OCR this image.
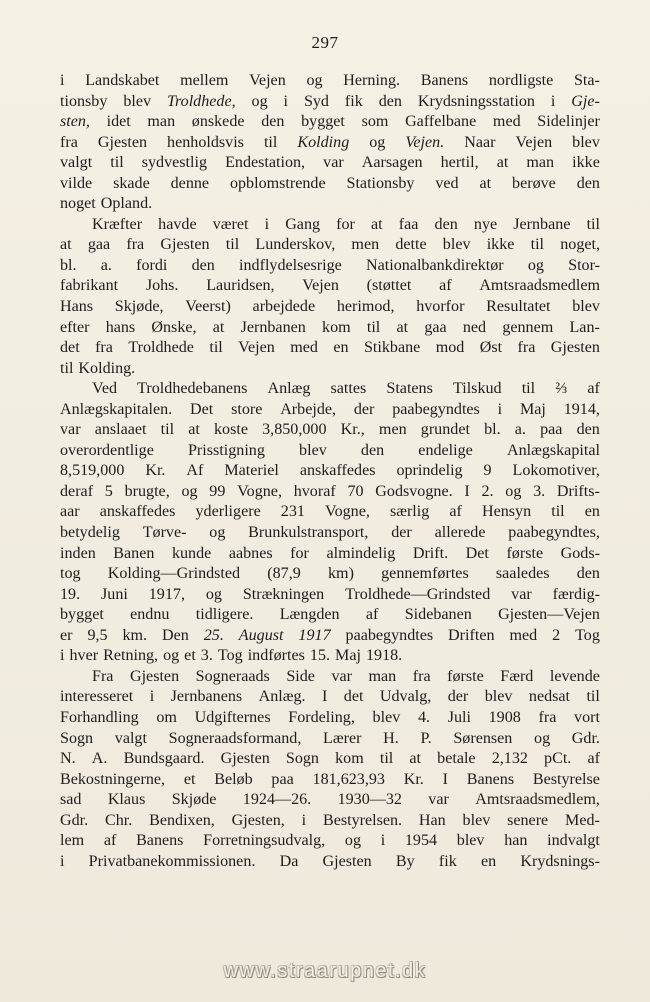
297
i Landskabet mellem Vejen og Herning. Banens nordligste Sta-
tionsby blev Troldhede, og i Syd fik den Krydsningsstation i Gje-
sten, idet man ønskede den bygget som Gaffelbane med Sidelinjer
fra Gjesten henholdsvis til Kolding og Vejen. Naar Vejen blev
valgt til sydvestlig Endestation, var Aarsagen hertil, at man ikke
vilde skade denne opblomstrende Stationsby ved at berøve den
noget Opland.
Kræfter havde været i Gang for at faa den nye Jernbane til
at gaa fra Gjesten til Lunderskov, men dette blev ikke til noget,
bl. a. fordi den indflydelsesrige Nationalbankdirektør og Stor-
fabrikant Johs. Lauridsen, Vejen (støttet af Amtsraadsmedlem
Hans Skjøde, Veerst) arbejdede herimod, hvorfor Resultatet blev
efter hans Ønske, at Jernbanen kom til at gaa ned gennem Lan-
det fra Troldhede til Vejen med en Stikbane mod Øst fra Gjesten
til Kolding.
Ved Troldhedebanens Anlæg sattes Statens Tilskud til ⅔ af
Anlægskapitalen. Det store Arbejde, der paabegyndtes i Maj 1914,
var anslaaet til at koste 3,850,000 Kr., men grundet bl. a. paa den
overordentlige Prisstigning blev den endelige Anlægskapital
8,519,000 Kr. Af Materiel anskaffedes oprindelig 9 Lokomotiver,
deraf 5 brugte, og 99 Vogne, hvoraf 70 Godsvogne. I 2. og 3. Drifts-
aar anskaffedes yderligere 231 Vogne, særlig af Hensyn til en
betydelig Tørve- og Brunkulstransport, der allerede paabegyndtes,
inden Banen kunde aabnes for almindelig Drift. Det første Gods-
tog Kolding—Grindsted (87,9 km) gennemførtes saaledes den
19. Juni 1917, og Strækningen Troldhede—Grindsted var færdig-
bygget endnu tidligere. Længden af Sidebanen Gjesten—Vejen
er 9,5 km. Den 25. August 1917 paabegyndtes Driften med 2 Tog
i hver Retning, og et 3. Tog indførtes 15. Maj 1918.
Fra Gjesten Sogneraads Side var man fra første Færd levende
interesseret i Jernbanens Anlæg. I det Udvalg, der blev nedsat til
Forhandling om Udgifternes Fordeling, blev 4. Juli 1908 fra vort
Sogn valgt Sogneraadsformand, Lærer H. P. Sørensen og Gdr.
N. A. Bundsgaard. Gjesten Sogn kom til at betale 2,132 pCt. af
Bekostningerne, et Beløb paa 181,623,93 Kr. I Banens Bestyrelse
sad Klaus Skjøde 1924—26. 1930—32 var Amtsraadsmedlem,
Gdr. Chr. Bendixen, Gjesten, i Bestyrelsen. Han blev senere Med-
lem af Banens Forretningsudvalg, og i 1954 blev han indvalgt
i Privatbanekommissionen. Da Gjesten By fik en Krydsnings-
www.straarupnet.dk
